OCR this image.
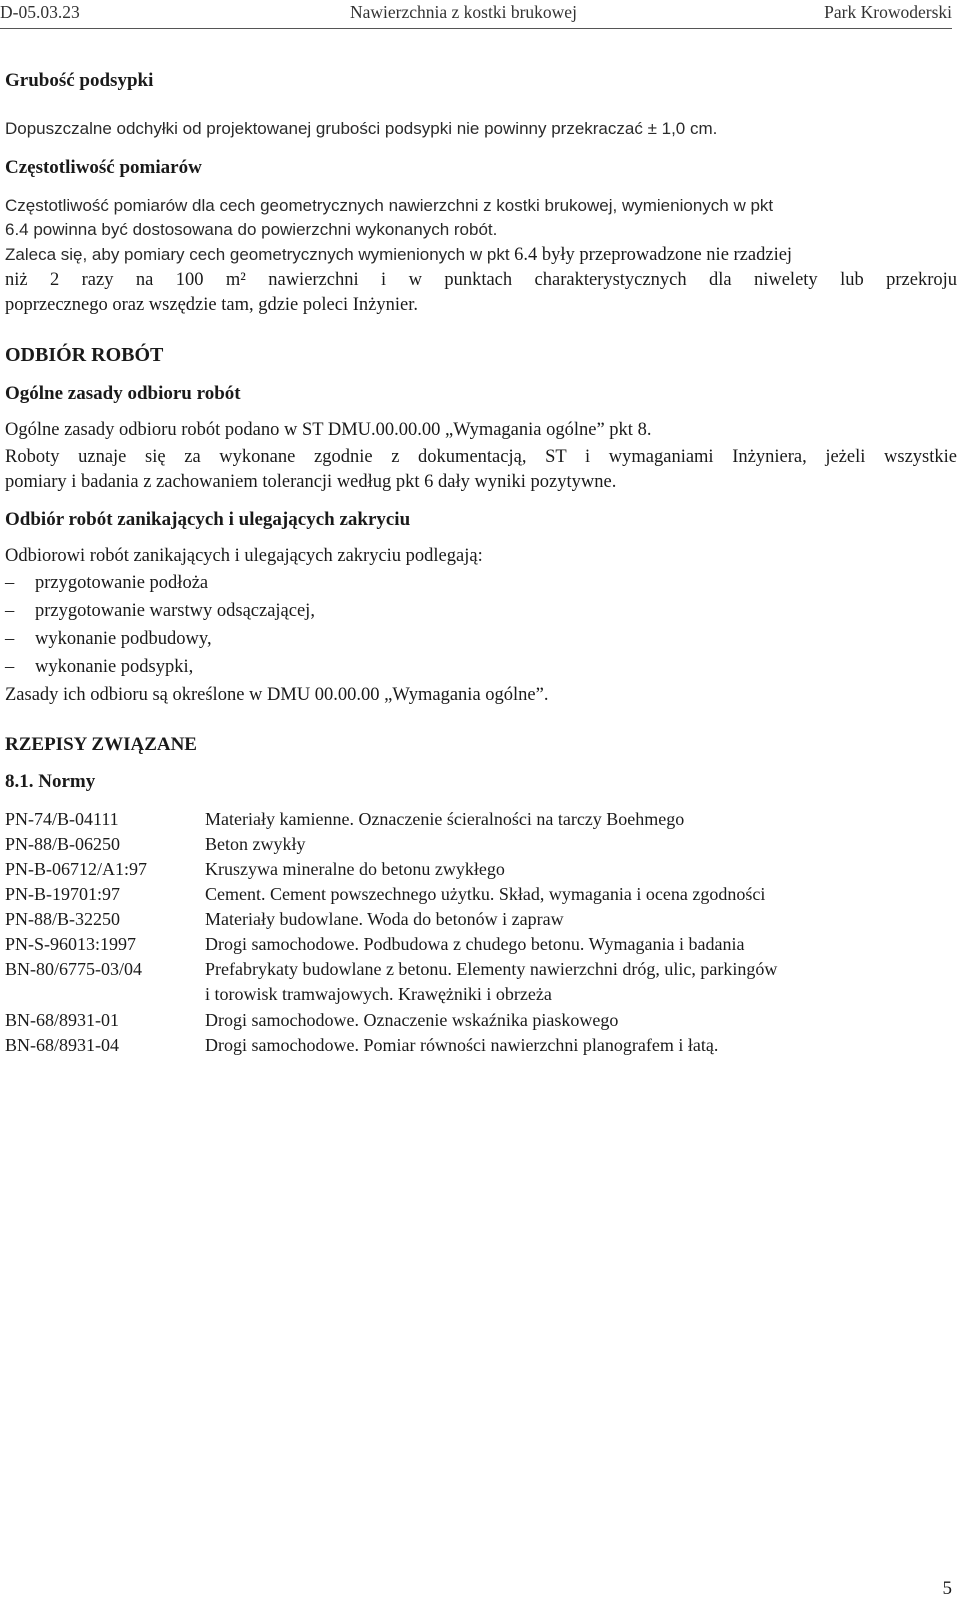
D-05.03.23	Nawierzchnia z kostki brukowej	Park Krowoderski
Grubość podsypki
Dopuszczalne odchyłki od projektowanej grubości podsypki nie powinny przekraczać ± 1,0 cm.
Częstotliwość pomiarów
Częstotliwość pomiarów dla cech geometrycznych nawierzchni z kostki brukowej, wymienionych w pkt
6.4 powinna być dostosowana do powierzchni wykonanych robót.
Zaleca się, aby pomiary cech geometrycznych wymienionych w pkt 6.4 były przeprowadzone nie rzadziej
niż 2 razy na 100 m² nawierzchni i w punktach charakterystycznych dla niwelety lub przekroju
poprzecznego oraz wszędzie tam, gdzie poleci Inżynier.
ODBIÓR ROBÓT
Ogólne zasady odbioru robót
Ogólne zasady odbioru robót podano w ST DMU.00.00.00 „Wymagania ogólne” pkt 8.
Roboty uznaje się za wykonane zgodnie z dokumentacją, ST i wymaganiami Inżyniera, jeżeli wszystkie
pomiary i badania z zachowaniem tolerancji według pkt 6 dały wyniki pozytywne.
Odbiór robót zanikających i ulegających zakryciu
Odbiorowi robót zanikających i ulegających zakryciu podlegają:
– przygotowanie podłoża
– przygotowanie warstwy odsączającej,
– wykonanie podbudowy,
– wykonanie podsypki,
Zasady ich odbioru są określone w DMU 00.00.00 „Wymagania ogólne”.
RZEPISY ZWIĄZANE
8.1. Normy
PN-74/B-04111	Materiały kamienne. Oznaczenie ścieralności na tarczy Boehmego
PN-88/B-06250	Beton zwykły
PN-B-06712/A1:97	Kruszywa mineralne do betonu zwykłego
PN-B-19701:97	Cement. Cement powszechnego użytku. Skład, wymagania i ocena zgodności
PN-88/B-32250	Materiały budowlane. Woda do betonów i zapraw
PN-S-96013:1997	Drogi samochodowe. Podbudowa z chudego betonu. Wymagania i badania
BN-80/6775-03/04	Prefabrykaty budowlane z betonu. Elementy nawierzchni dróg, ulic, parkingów
i torowisk tramwajowych. Krawężniki i obrzeża
BN-68/8931-01	Drogi samochodowe. Oznaczenie wskaźnika piaskowego
BN-68/8931-04	Drogi samochodowe. Pomiar równości nawierzchni planografem i łatą.
5
